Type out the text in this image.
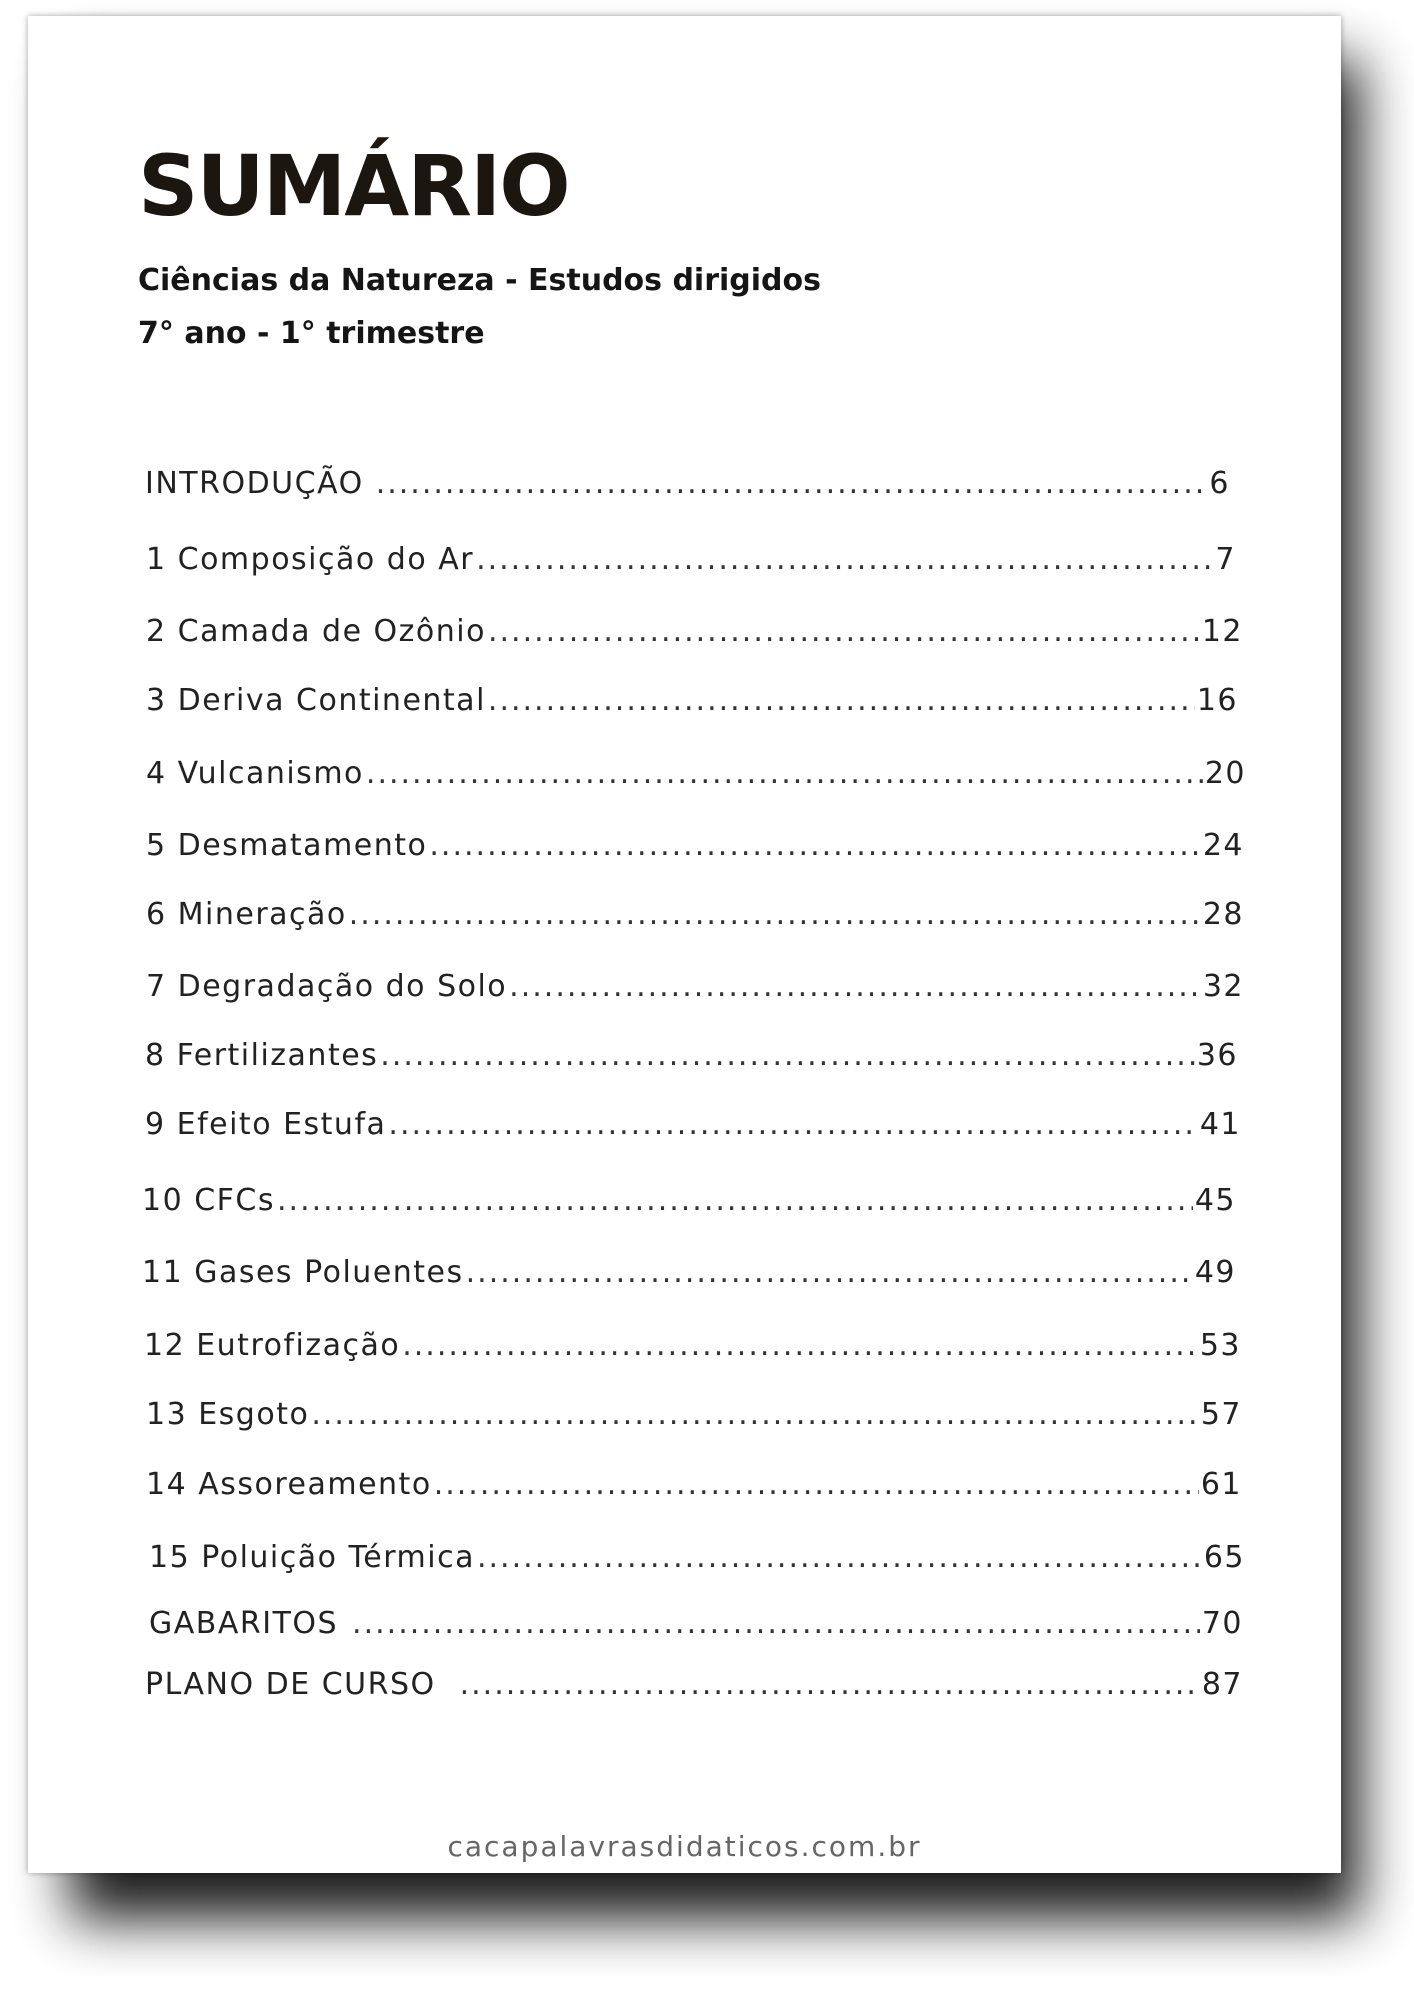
SUMÁRIO
Ciências da Natureza - Estudos dirigidos
7° ano - 1° trimestre
INTRODUÇÃO .....	6
1 Composição do Ar .....	7
2 Camada de Ozônio .....	12
3 Deriva Continental .....	16
4 Vulcanismo .....	20
5 Desmatamento .....	24
6 Mineração .....	28
7 Degradação do Solo .....	32
8 Fertilizantes .....	36
9 Efeito Estufa .....	41
10 CFCs .....	45
11 Gases Poluentes .....	49
12 Eutrofização .....	53
13 Esgoto .....	57
14 Assoreamento .....	61
15 Poluição Térmica .....	65
GABARITOS .....	70
PLANO DE CURSO .....	87
cacapalavrasdidaticos.com.br
